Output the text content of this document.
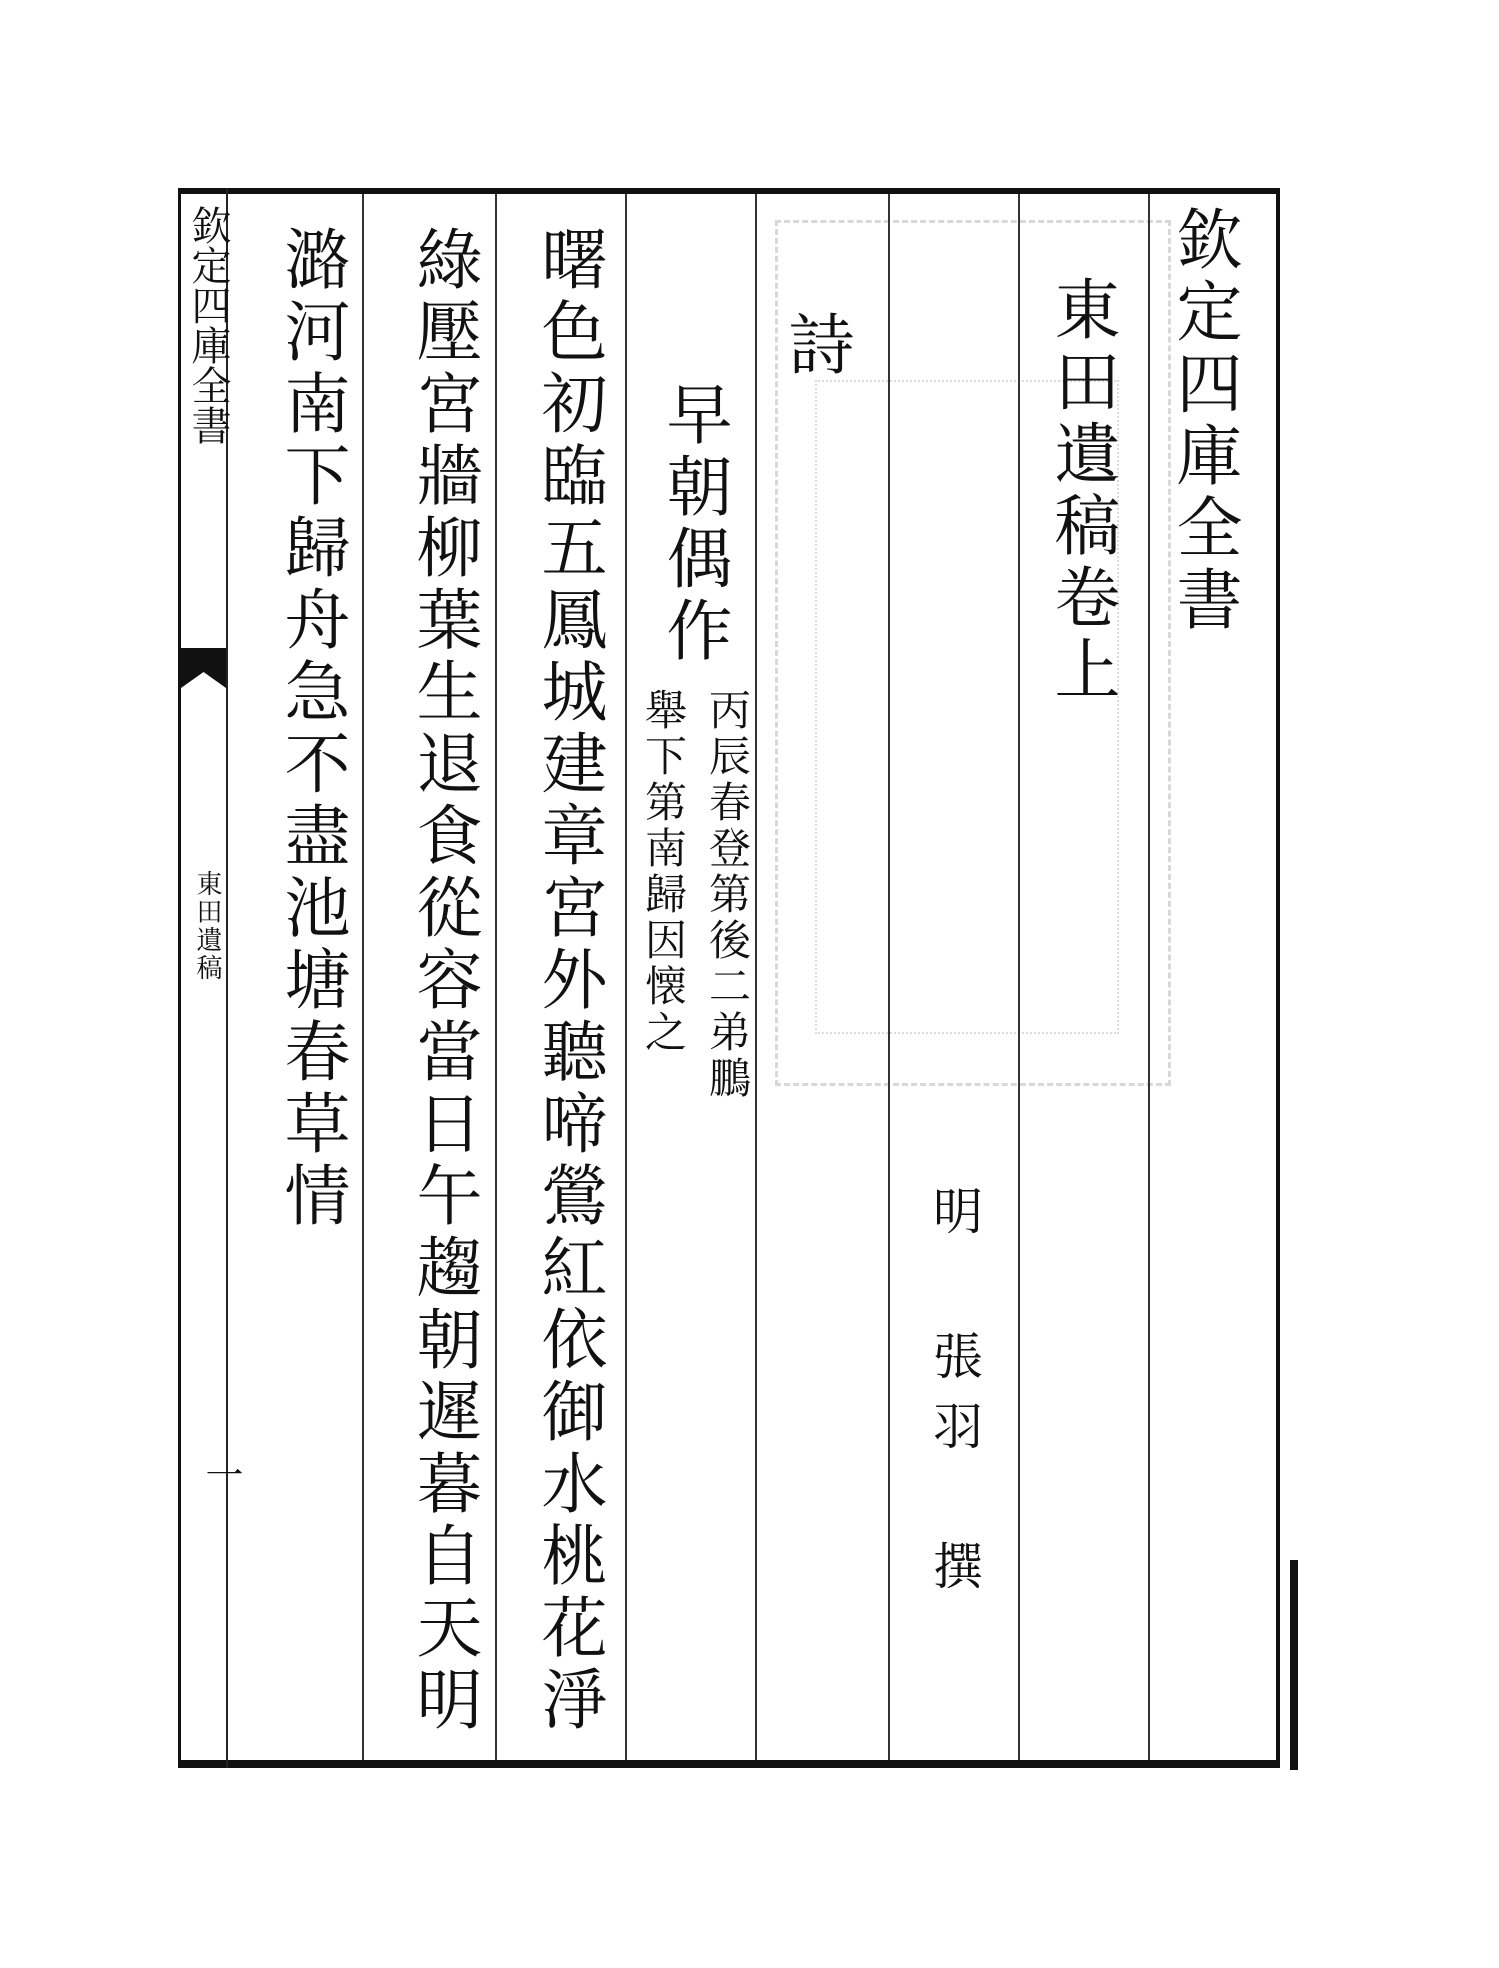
欽定四庫全書
東田遺稿卷上
明
張羽
撰
詩
早朝偶作
丙辰春登第後二弟鵬
舉下第南歸因懐之
曙色初臨五鳳城建章宮外聽啼鶯紅依御水桃花淨
綠壓宮牆柳葉生退食從容當日午趨朝遲暮自天明
潞河南下歸舟急不盡池塘春草情
欽定四庫全書
東田遺稿
一
